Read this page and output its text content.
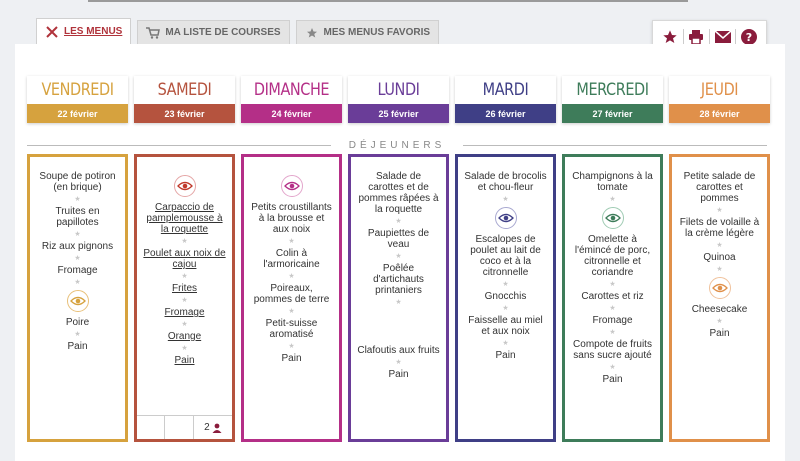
LES MENUS	MA LISTE DE COURSES	MES MENUS FAVORIS	?
VENDREDI
22 février
SAMEDI
23 février
DIMANCHE
24 février
LUNDI
25 février
MARDI
26 février
MERCREDI
27 février
JEUDI
28 février
DÉJEUNERS
Soupe de potiron (en brique)
★
Truites en papillotes
★
Riz aux pignons
★
Fromage
★
Poire
★
Pain
Carpaccio de pamplemousse à la roquette
★
Poulet aux noix de cajou
★
Frites
★
Fromage
★
Orange
★
Pain
2
Petits croustillants à la brousse et aux noix
★
Colin à l'armoricaine
★
Poireaux, pommes de terre
★
Petit-suisse aromatisé
★
Pain
Salade de carottes et de pommes râpées à la roquette
★
Paupiettes de veau
★
Poêlée d'artichauts printaniers
★
Clafoutis aux fruits
★
Pain
Salade de brocolis et chou-fleur
★
Escalopes de poulet au lait de coco et à la citronnelle
★
Gnocchis
★
Faisselle au miel et aux noix
★
Pain
Champignons à la tomate
★
Omelette à l'émincé de porc, citronnelle et coriandre
★
Carottes et riz
★
Fromage
★
Compote de fruits sans sucre ajouté
★
Pain
Petite salade de carottes et pommes
★
Filets de volaille à la crème légère
★
Quinoa
★
Cheesecake
★
Pain
